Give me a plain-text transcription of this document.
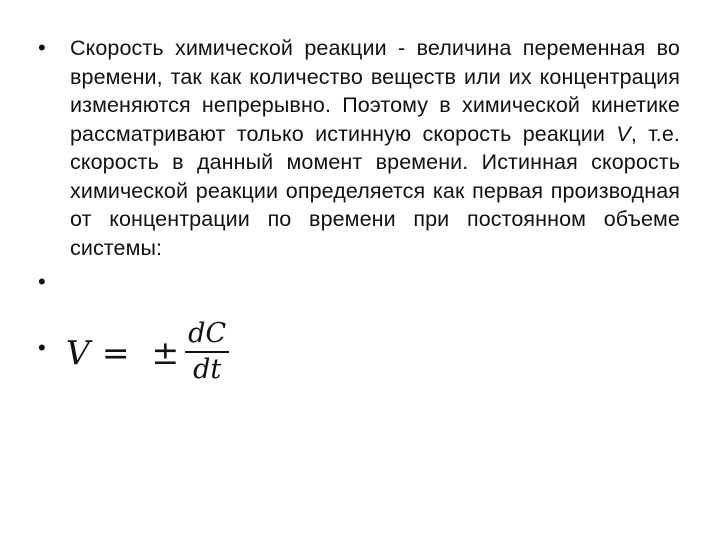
• Скорость химической реакции - величина переменная во времени, так как количество веществ или их концентрация изменяются непрерывно. Поэтому в химической кинетике рассматривают только истинную скорость реакции V, т.е. скорость в данный момент времени. Истинная скорость химической реакции определяется как первая производная от концентрации по времени при постоянном объеме системы:
•
• V = ± $\frac{dC}{dt}$
